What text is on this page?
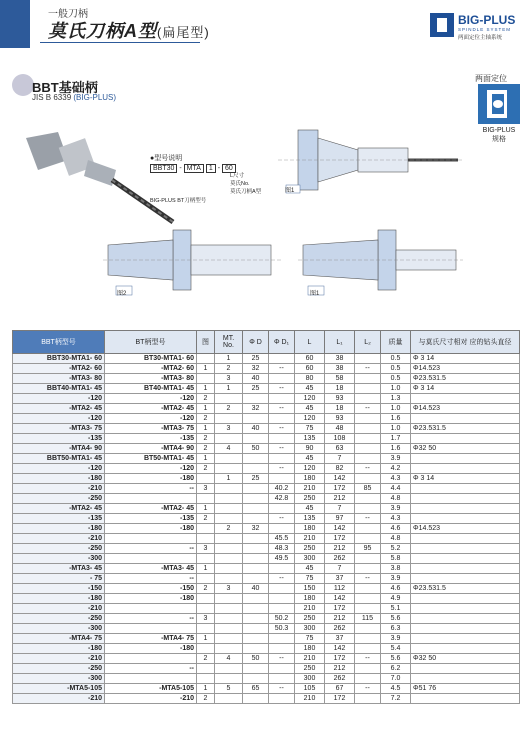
一般刀柄
莫氏刀柄A型(扁尾型)
BIG-PLUS
SPINDLE SYSTEM
两面定位主轴系统
BBT基础柄
JIS B 6339 (BIG-PLUS)
两面定位
BIG-PLUS
规格
图1
图2	图1
●型号说明
BBT30 - MTA 1 - 60
L尺寸
莫氏No.
莫氏刀柄A型
BIG-PLUS BT刀柄型号
BBT柄型号	BT柄型号	图	MT. No.	Φ D	Φ D₁	L	L₁	L₂	质量	与莫氏尺寸相对 应的钻头直径
BBT30-MTA1- 60	BT30-MTA1- 60		1	25		60	38		0.5	Φ 3 14
-MTA2- 60	-MTA2- 60	1	2	32	--	60	38	--	0.5	Φ14.523
-MTA3- 80	-MTA3- 80		3	40		80	58		0.5	Φ23.531.5
BBT40-MTA1- 45	BT40-MTA1- 45	1	1	25	--	45	18		1.0	Φ 3 14
-120	-120	2				120	93		1.3	
-MTA2- 45	-MTA2- 45	1	2	32	--	45	18	--	1.0	Φ14.523
-120	-120	2				120	93		1.6	
-MTA3- 75	-MTA3- 75	1	3	40	--	75	48		1.0	Φ23.531.5
-135	-135	2				135	108		1.7	
-MTA4- 90	-MTA4- 90	2	4	50	--	90	63		1.6	Φ32 50
BBT50-MTA1- 45	BT50-MTA1- 45	1				45	7		3.9	
-120	-120	2			--	120	82	--	4.2	
-180	-180		1	25		180	142		4.3	Φ 3 14
-210	--	3			40.2	210	172	85	4.4	
-250					42.8	250	212		4.8	
-MTA2- 45	-MTA2- 45	1				45	7		3.9	
-135	-135	2			--	135	97	--	4.3	
-180	-180		2	32		180	142		4.6	Φ14.523
-210					45.5	210	172		4.8	
-250	--	3			48.3	250	212	95	5.2	
-300					49.5	300	262		5.8	
-MTA3- 45	-MTA3- 45	1				45	7		3.8	
- 75	--				--	75	37	--	3.9	
-150	-150	2	3	40		150	112		4.6	Φ23.531.5
-180	-180					180	142		4.9	
-210						210	172		5.1	
-250	--	3			50.2	250	212	115	5.6	
-300					50.3	300	262		6.3	
-MTA4- 75	-MTA4- 75	1				75	37		3.9	
-180	-180					180	142		5.4	
-210		2	4	50	--	210	172	--	5.6	Φ32 50
-250	--					250	212		6.2	
-300						300	262		7.0	
-MTA5-105	-MTA5-105	1	5	65	--	105	67	--	4.5	Φ51 76
-210	-210	2				210	172		7.2	
